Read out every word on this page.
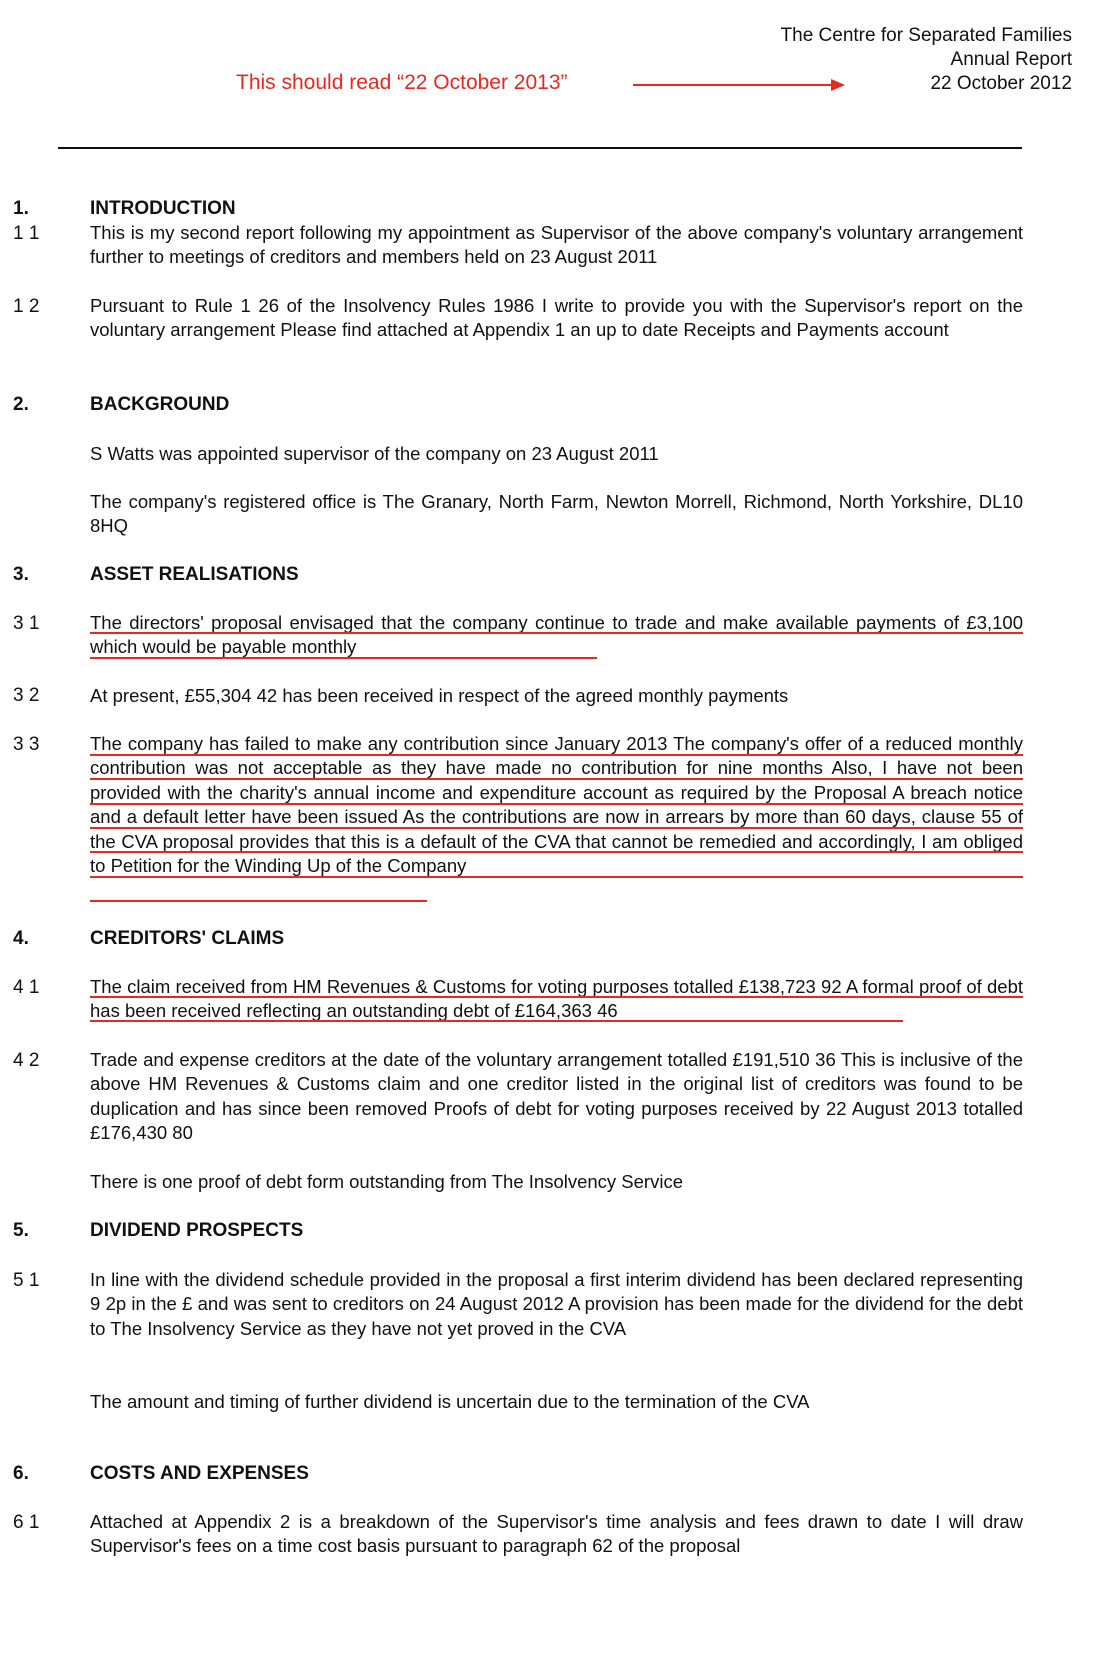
The Centre for Separated Families
Annual Report
22 October 2012
This should read “22 October 2013”
1.	INTRODUCTION
1 1	This is my second report following my appointment as Supervisor of the above company's voluntary arrangement further to meetings of creditors and members held on 23 August 2011
1 2	Pursuant to Rule 1 26 of the Insolvency Rules 1986 I write to provide you with the Supervisor's report on the voluntary arrangement Please find attached at Appendix 1 an up to date Receipts and Payments account
2.	BACKGROUND
S Watts was appointed supervisor of the company on 23 August 2011
The company's registered office is The Granary, North Farm, Newton Morrell, Richmond, North Yorkshire, DL10 8HQ
3.	ASSET REALISATIONS
3 1	The directors' proposal envisaged that the company continue to trade and make available payments of £3,100 which would be payable monthly
3 2	At present, £55,304 42 has been received in respect of the agreed monthly payments
3 3	The company has failed to make any contribution since January 2013 The company's offer of a reduced monthly contribution was not acceptable as they have made no contribution for nine months Also, I have not been provided with the charity's annual income and expenditure account as required by the Proposal A breach notice and a default letter have been issued As the contributions are now in arrears by more than 60 days, clause 55 of the CVA proposal provides that this is a default of the CVA that cannot be remedied and accordingly, I am obliged to Petition for the Winding Up of the Company
4.	CREDITORS' CLAIMS
4 1	The claim received from HM Revenues & Customs for voting purposes totalled £138,723 92 A formal proof of debt has been received reflecting an outstanding debt of £164,363 46
4 2	Trade and expense creditors at the date of the voluntary arrangement totalled £191,510 36 This is inclusive of the above HM Revenues & Customs claim and one creditor listed in the original list of creditors was found to be duplication and has since been removed Proofs of debt for voting purposes received by 22 August 2013 totalled £176,430 80
There is one proof of debt form outstanding from The Insolvency Service
5.	DIVIDEND PROSPECTS
5 1	In line with the dividend schedule provided in the proposal a first interim dividend has been declared representing 9 2p in the £ and was sent to creditors on 24 August 2012 A provision has been made for the dividend for the debt to The Insolvency Service as they have not yet proved in the CVA
The amount and timing of further dividend is uncertain due to the termination of the CVA
6.	COSTS AND EXPENSES
6 1	Attached at Appendix 2 is a breakdown of the Supervisor's time analysis and fees drawn to date I will draw Supervisor's fees on a time cost basis pursuant to paragraph 62 of the proposal
